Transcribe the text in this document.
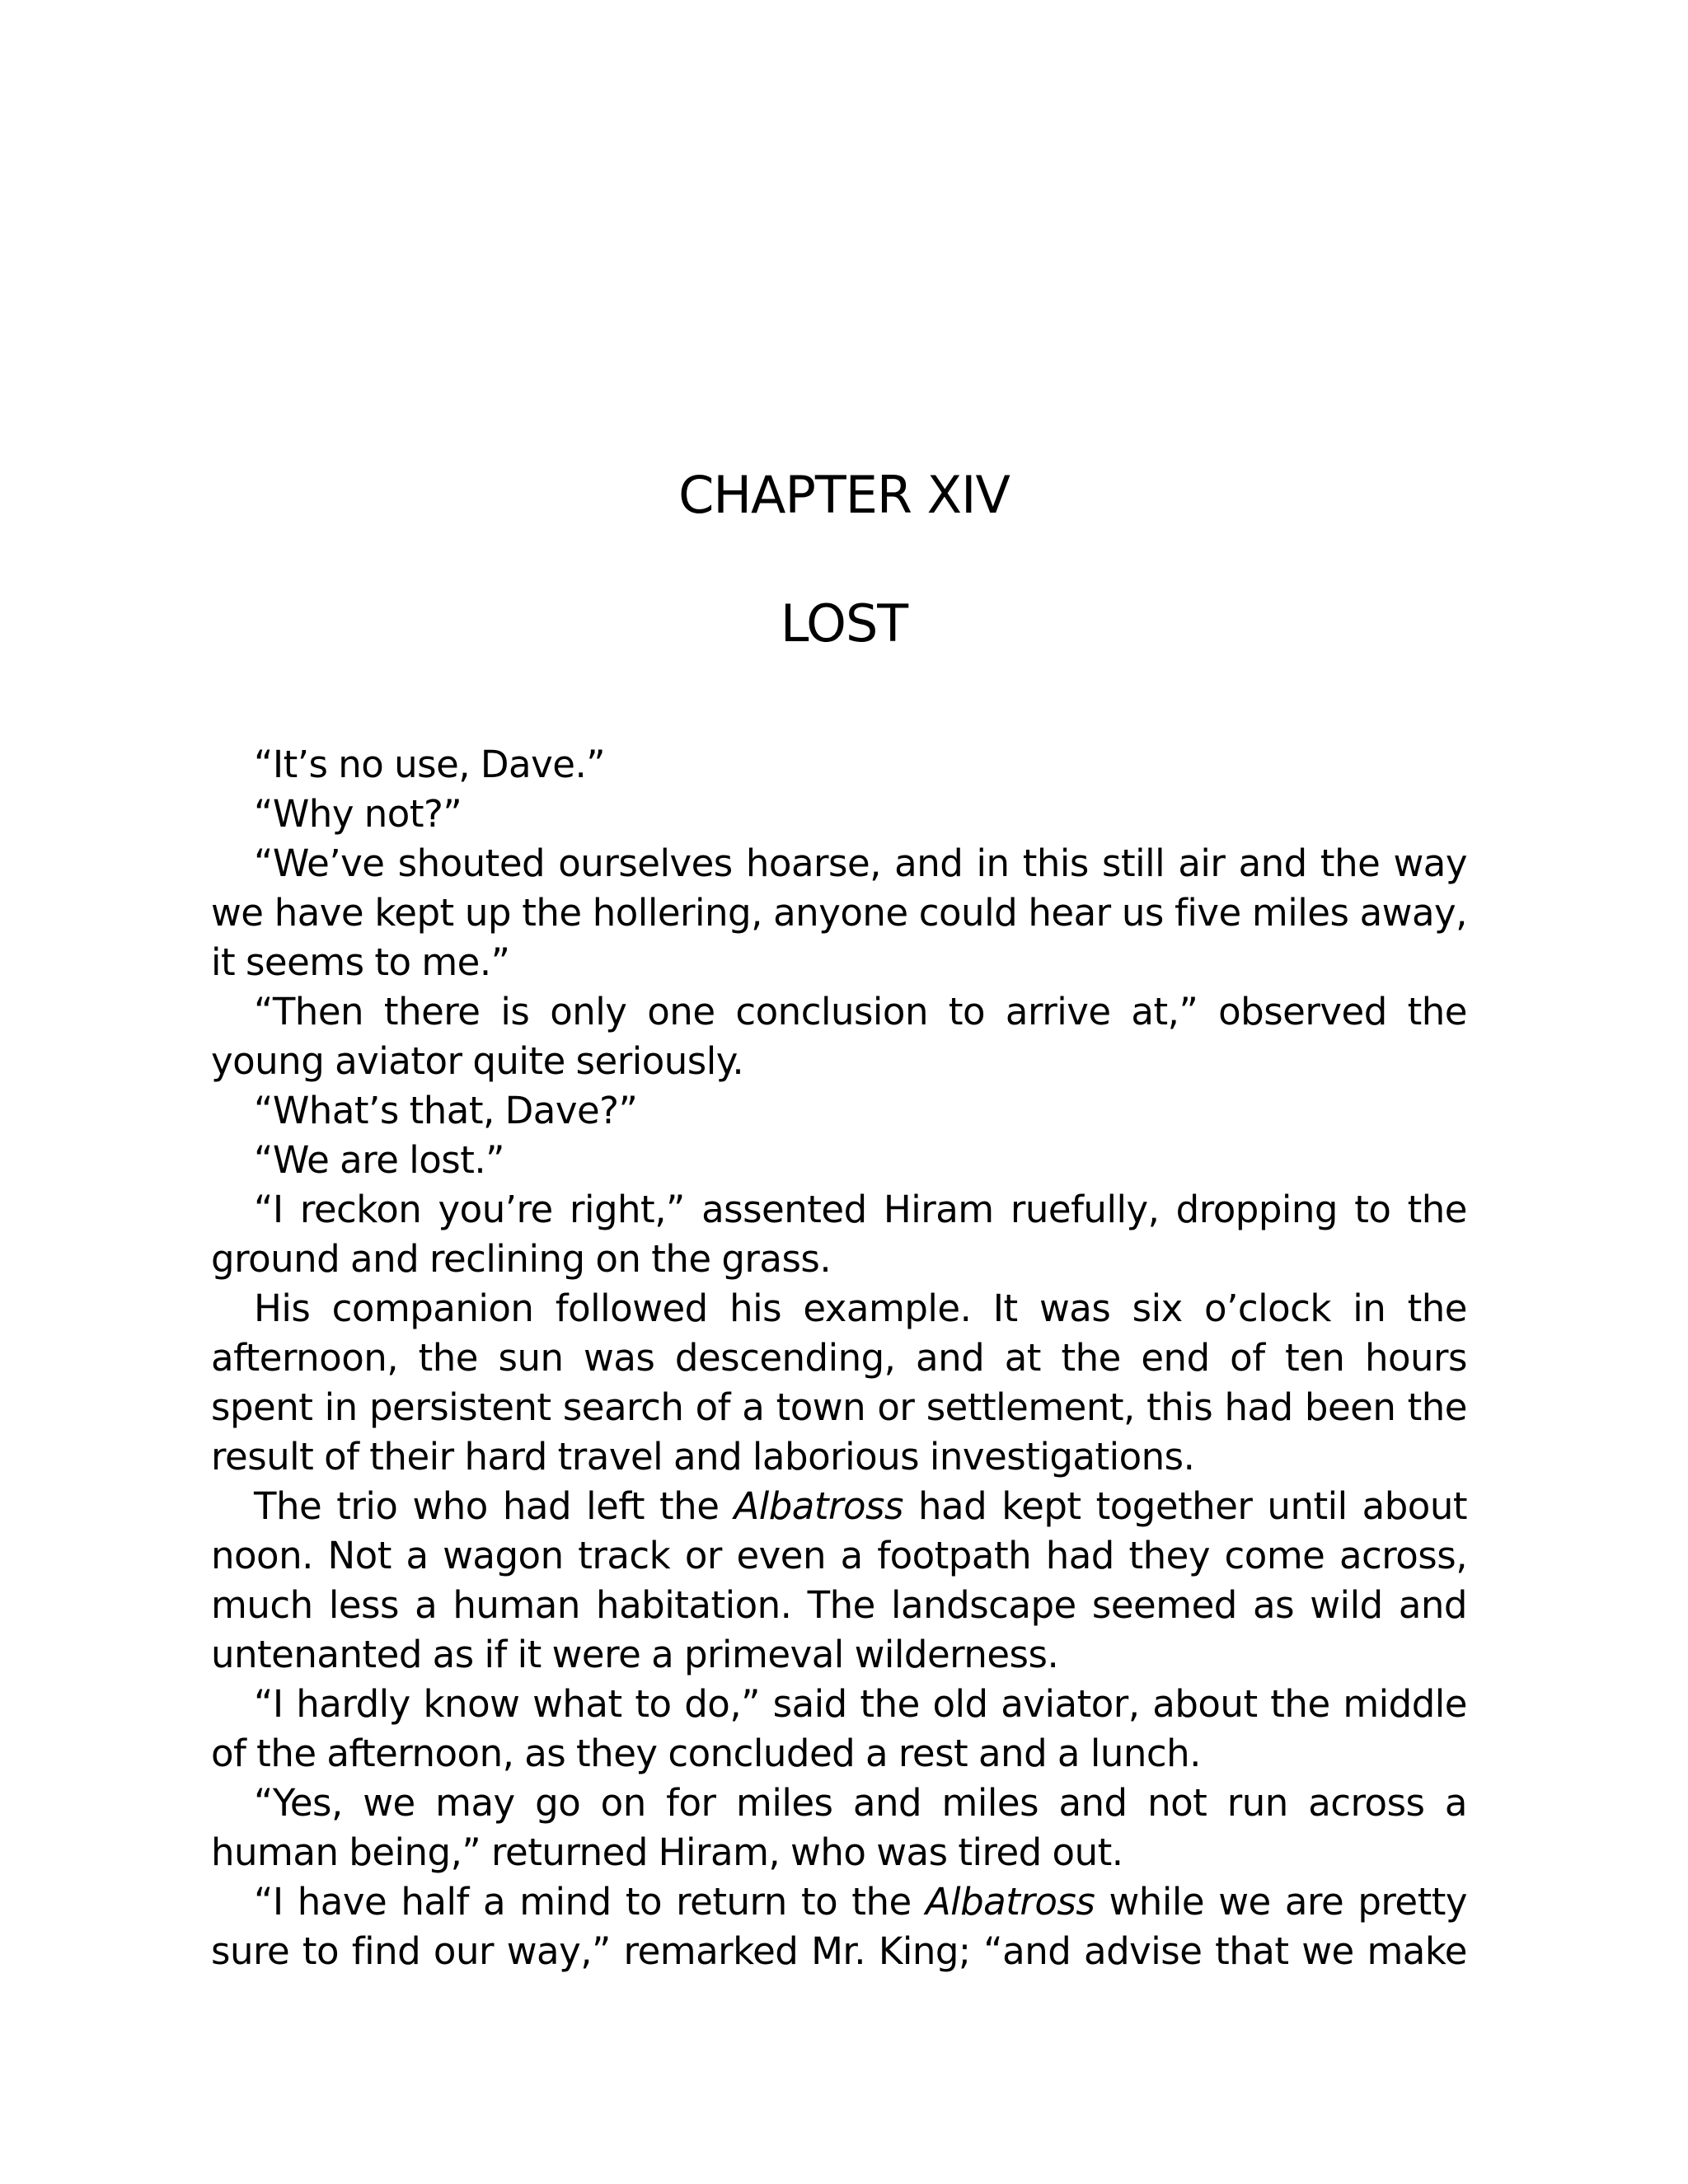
CHAPTER XIV
LOST
“It’s no use, Dave.”
“Why not?”
“We’ve shouted ourselves hoarse, and in this still air and the way
we have kept up the hollering, anyone could hear us five miles away,
it seems to me.”
“Then there is only one conclusion to arrive at,” observed the
young aviator quite seriously.
“What’s that, Dave?”
“We are lost.”
“I reckon you’re right,” assented Hiram ruefully, dropping to the
ground and reclining on the grass.
His companion followed his example. It was six o’clock in the
afternoon, the sun was descending, and at the end of ten hours
spent in persistent search of a town or settlement, this had been the
result of their hard travel and laborious investigations.
The trio who had left the Albatross had kept together until about
noon. Not a wagon track or even a footpath had they come across,
much less a human habitation. The landscape seemed as wild and
untenanted as if it were a primeval wilderness.
“I hardly know what to do,” said the old aviator, about the middle
of the afternoon, as they concluded a rest and a lunch.
“Yes, we may go on for miles and miles and not run across a
human being,” returned Hiram, who was tired out.
“I have half a mind to return to the Albatross while we are pretty
sure to find our way,” remarked Mr. King; “and advise that we make
